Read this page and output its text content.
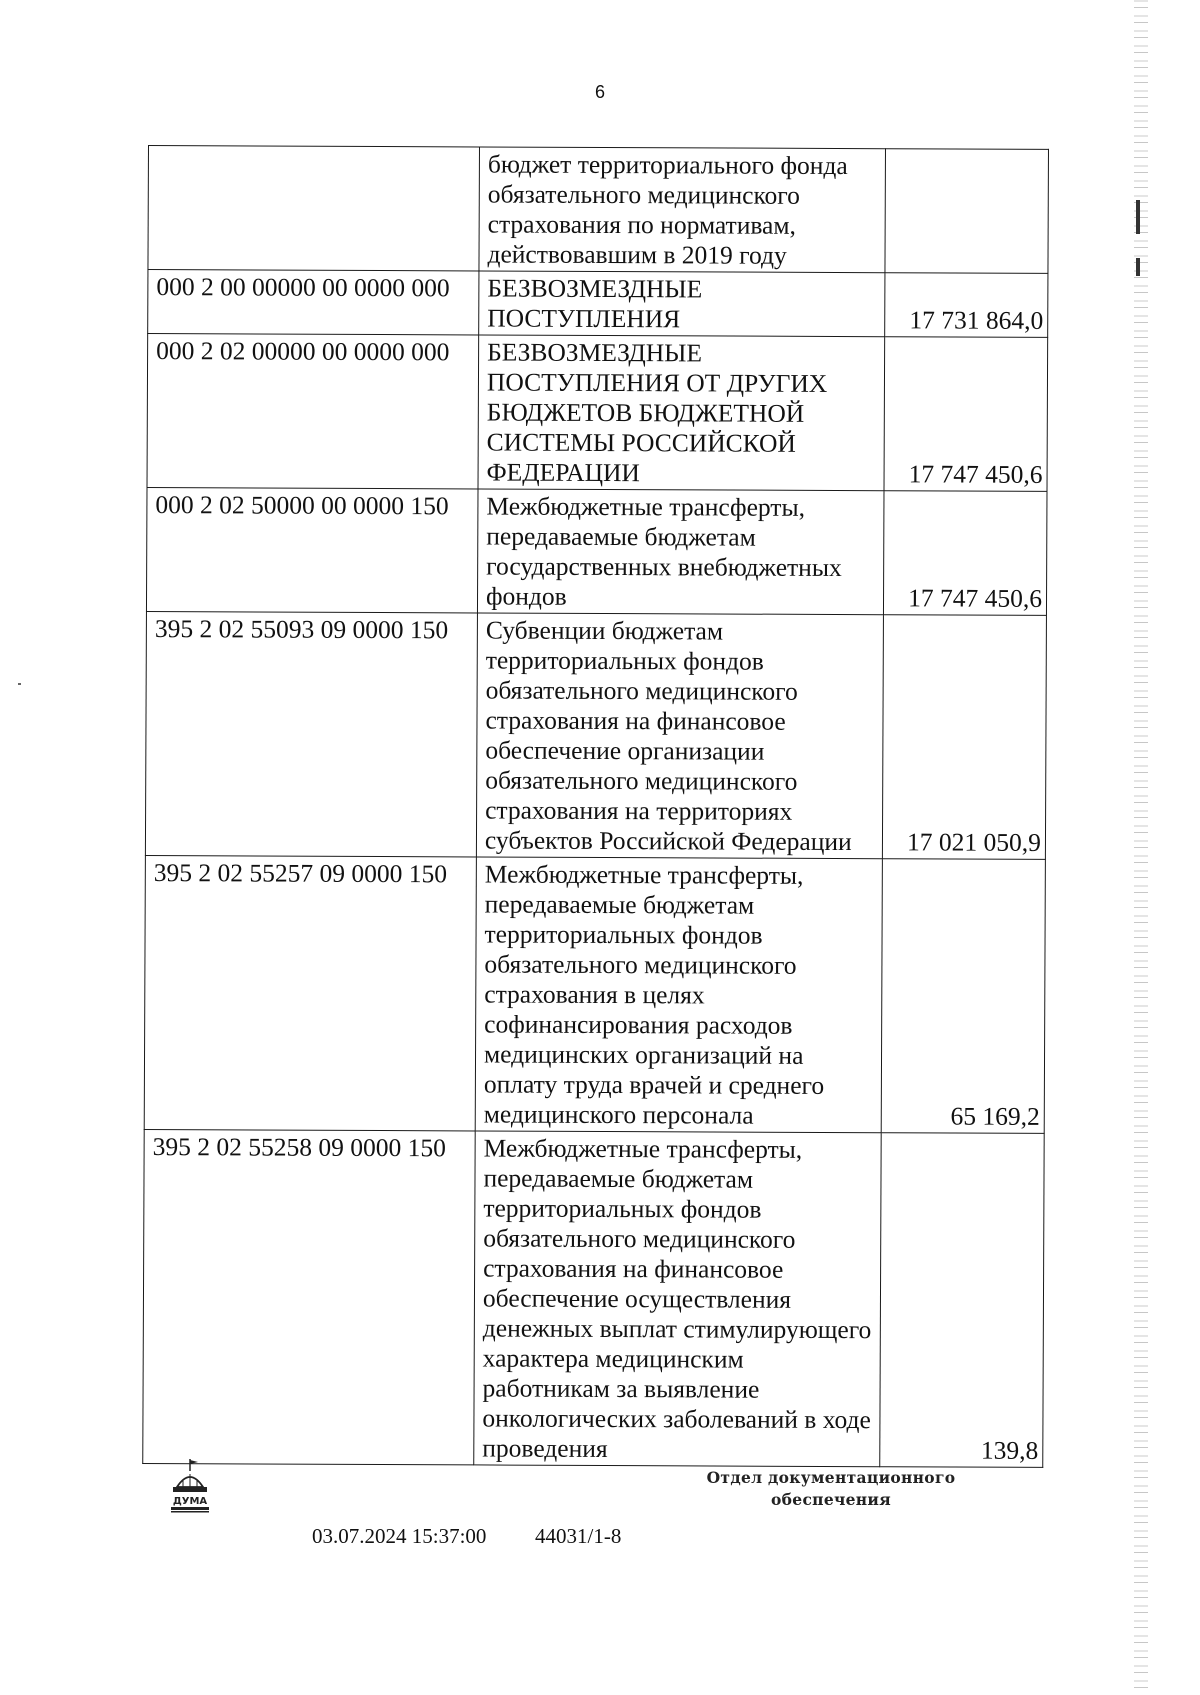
6
	бюджет территориального фонда обязательного медицинского страхования по нормативам, действовавшим в 2019 году	
000 2 00 00000 00 0000 000	БЕЗВОЗМЕЗДНЫЕ ПОСТУПЛЕНИЯ	17 731 864,0
000 2 02 00000 00 0000 000	БЕЗВОЗМЕЗДНЫЕ ПОСТУПЛЕНИЯ ОТ ДРУГИХ БЮДЖЕТОВ БЮДЖЕТНОЙ СИСТЕМЫ РОССИЙСКОЙ ФЕДЕРАЦИИ	17 747 450,6
000 2 02 50000 00 0000 150	Межбюджетные трансферты, передаваемые бюджетам государственных внебюджетных фондов	17 747 450,6
395 2 02 55093 09 0000 150	Субвенции бюджетам территориальных фондов обязательного медицинского страхования на финансовое обеспечение организации обязательного медицинского страхования на территориях субъектов Российской Федерации	17 021 050,9
395 2 02 55257 09 0000 150	Межбюджетные трансферты, передаваемые бюджетам территориальных фондов обязательного медицинского страхования в целях софинансирования расходов медицинских организаций на оплату труда врачей и среднего медицинского персонала	65 169,2
395 2 02 55258 09 0000 150	Межбюджетные трансферты, передаваемые бюджетам территориальных фондов обязательного медицинского страхования на финансовое обеспечение осуществления денежных выплат стимулирующего характера медицинским работникам за выявление онкологических заболеваний в ходе проведения	139,8
ДУМА
03.07.2024 15:37:00 44031/1-8
Отдел документационного
обеспечения
